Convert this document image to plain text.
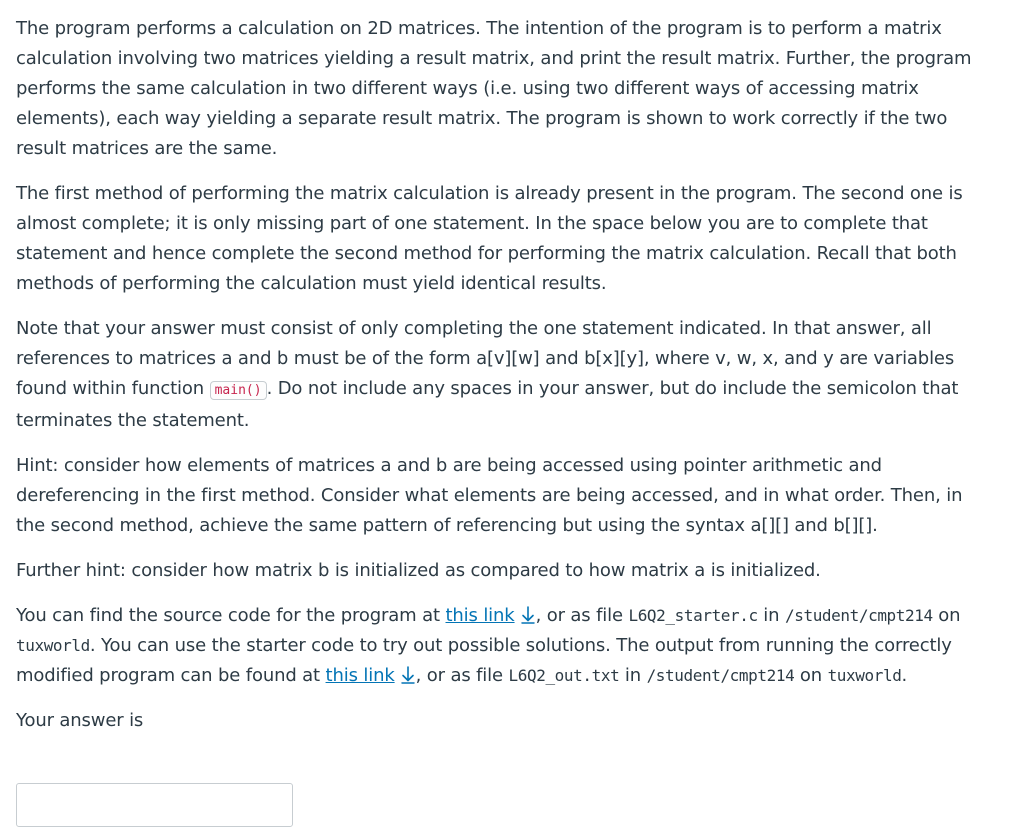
The program performs a calculation on 2D matrices. The intention of the program is to perform a matrix calculation involving two matrices yielding a result matrix, and print the result matrix. Further, the program performs the same calculation in two different ways (i.e. using two different ways of accessing matrix elements), each way yielding a separate result matrix. The program is shown to work correctly if the two result matrices are the same.

The first method of performing the matrix calculation is already present in the program. The second one is almost complete; it is only missing part of one statement. In the space below you are to complete that statement and hence complete the second method for performing the matrix calculation. Recall that both methods of performing the calculation must yield identical results.

Note that your answer must consist of only completing the one statement indicated. In that answer, all references to matrices a and b must be of the form a[v][w] and b[x][y], where v, w, x, and y are variables found within function main() . Do not include any spaces in your answer, but do include the semicolon that terminates the statement.

Hint: consider how elements of matrices a and b are being accessed using pointer arithmetic and dereferencing in the first method. Consider what elements are being accessed, and in what order. Then, in the second method, achieve the same pattern of referencing but using the syntax a[][] and b[][].

Further hint: consider how matrix b is initialized as compared to how matrix a is initialized.

You can find the source code for the program at this link , or as file L6Q2_starter.c in /student/cmpt214 on tuxworld. You can use the starter code to try out possible solutions. The output from running the correctly modified program can be found at this link , or as file L6Q2_out.txt in /student/cmpt214 on tuxworld.

Your answer is
